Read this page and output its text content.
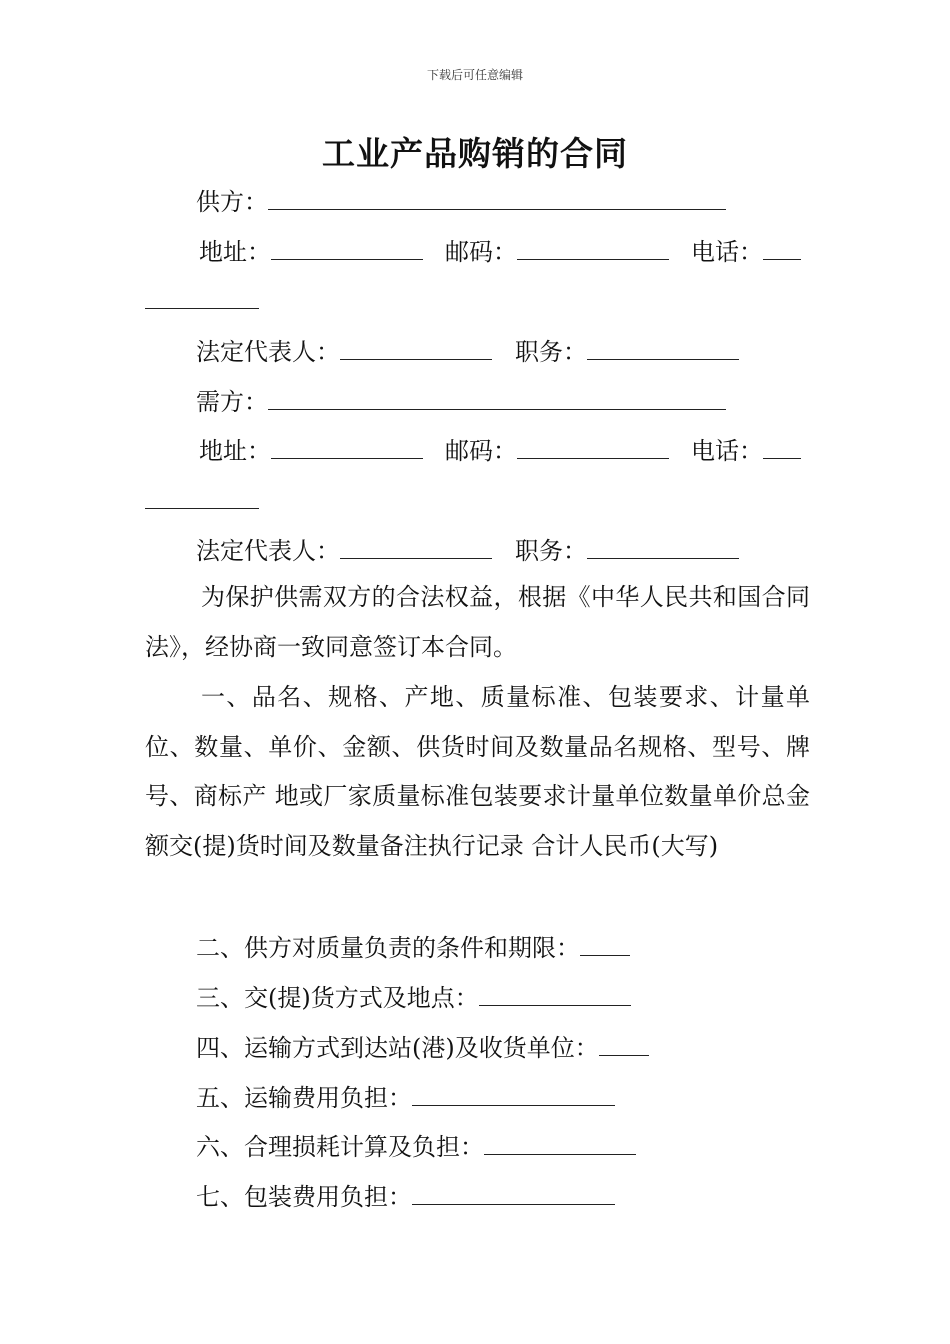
下载后可任意编辑
工业产品购销的合同
供方：
地址：	邮码：	电话：
法定代表人：	职务：
需方：
地址：	邮码：	电话：
法定代表人：	职务：
为保护供需双方的合法权益，根据《中华人民共和国合同法》，经协商一致同意签订本合同。
一、品名、规格、产地、质量标准、包装要求、计量单位、数量、单价、金额、供货时间及数量品名规格、型号、牌号、商标产 地或厂家质量标准包装要求计量单位数量单价总金额交(提)货时间及数量备注执行记录 合计人民币(大写)
二、供方对质量负责的条件和期限：
三、交(提)货方式及地点：
四、运输方式到达站(港)及收货单位：
五、运输费用负担：
六、合理损耗计算及负担：
七、包装费用负担：
